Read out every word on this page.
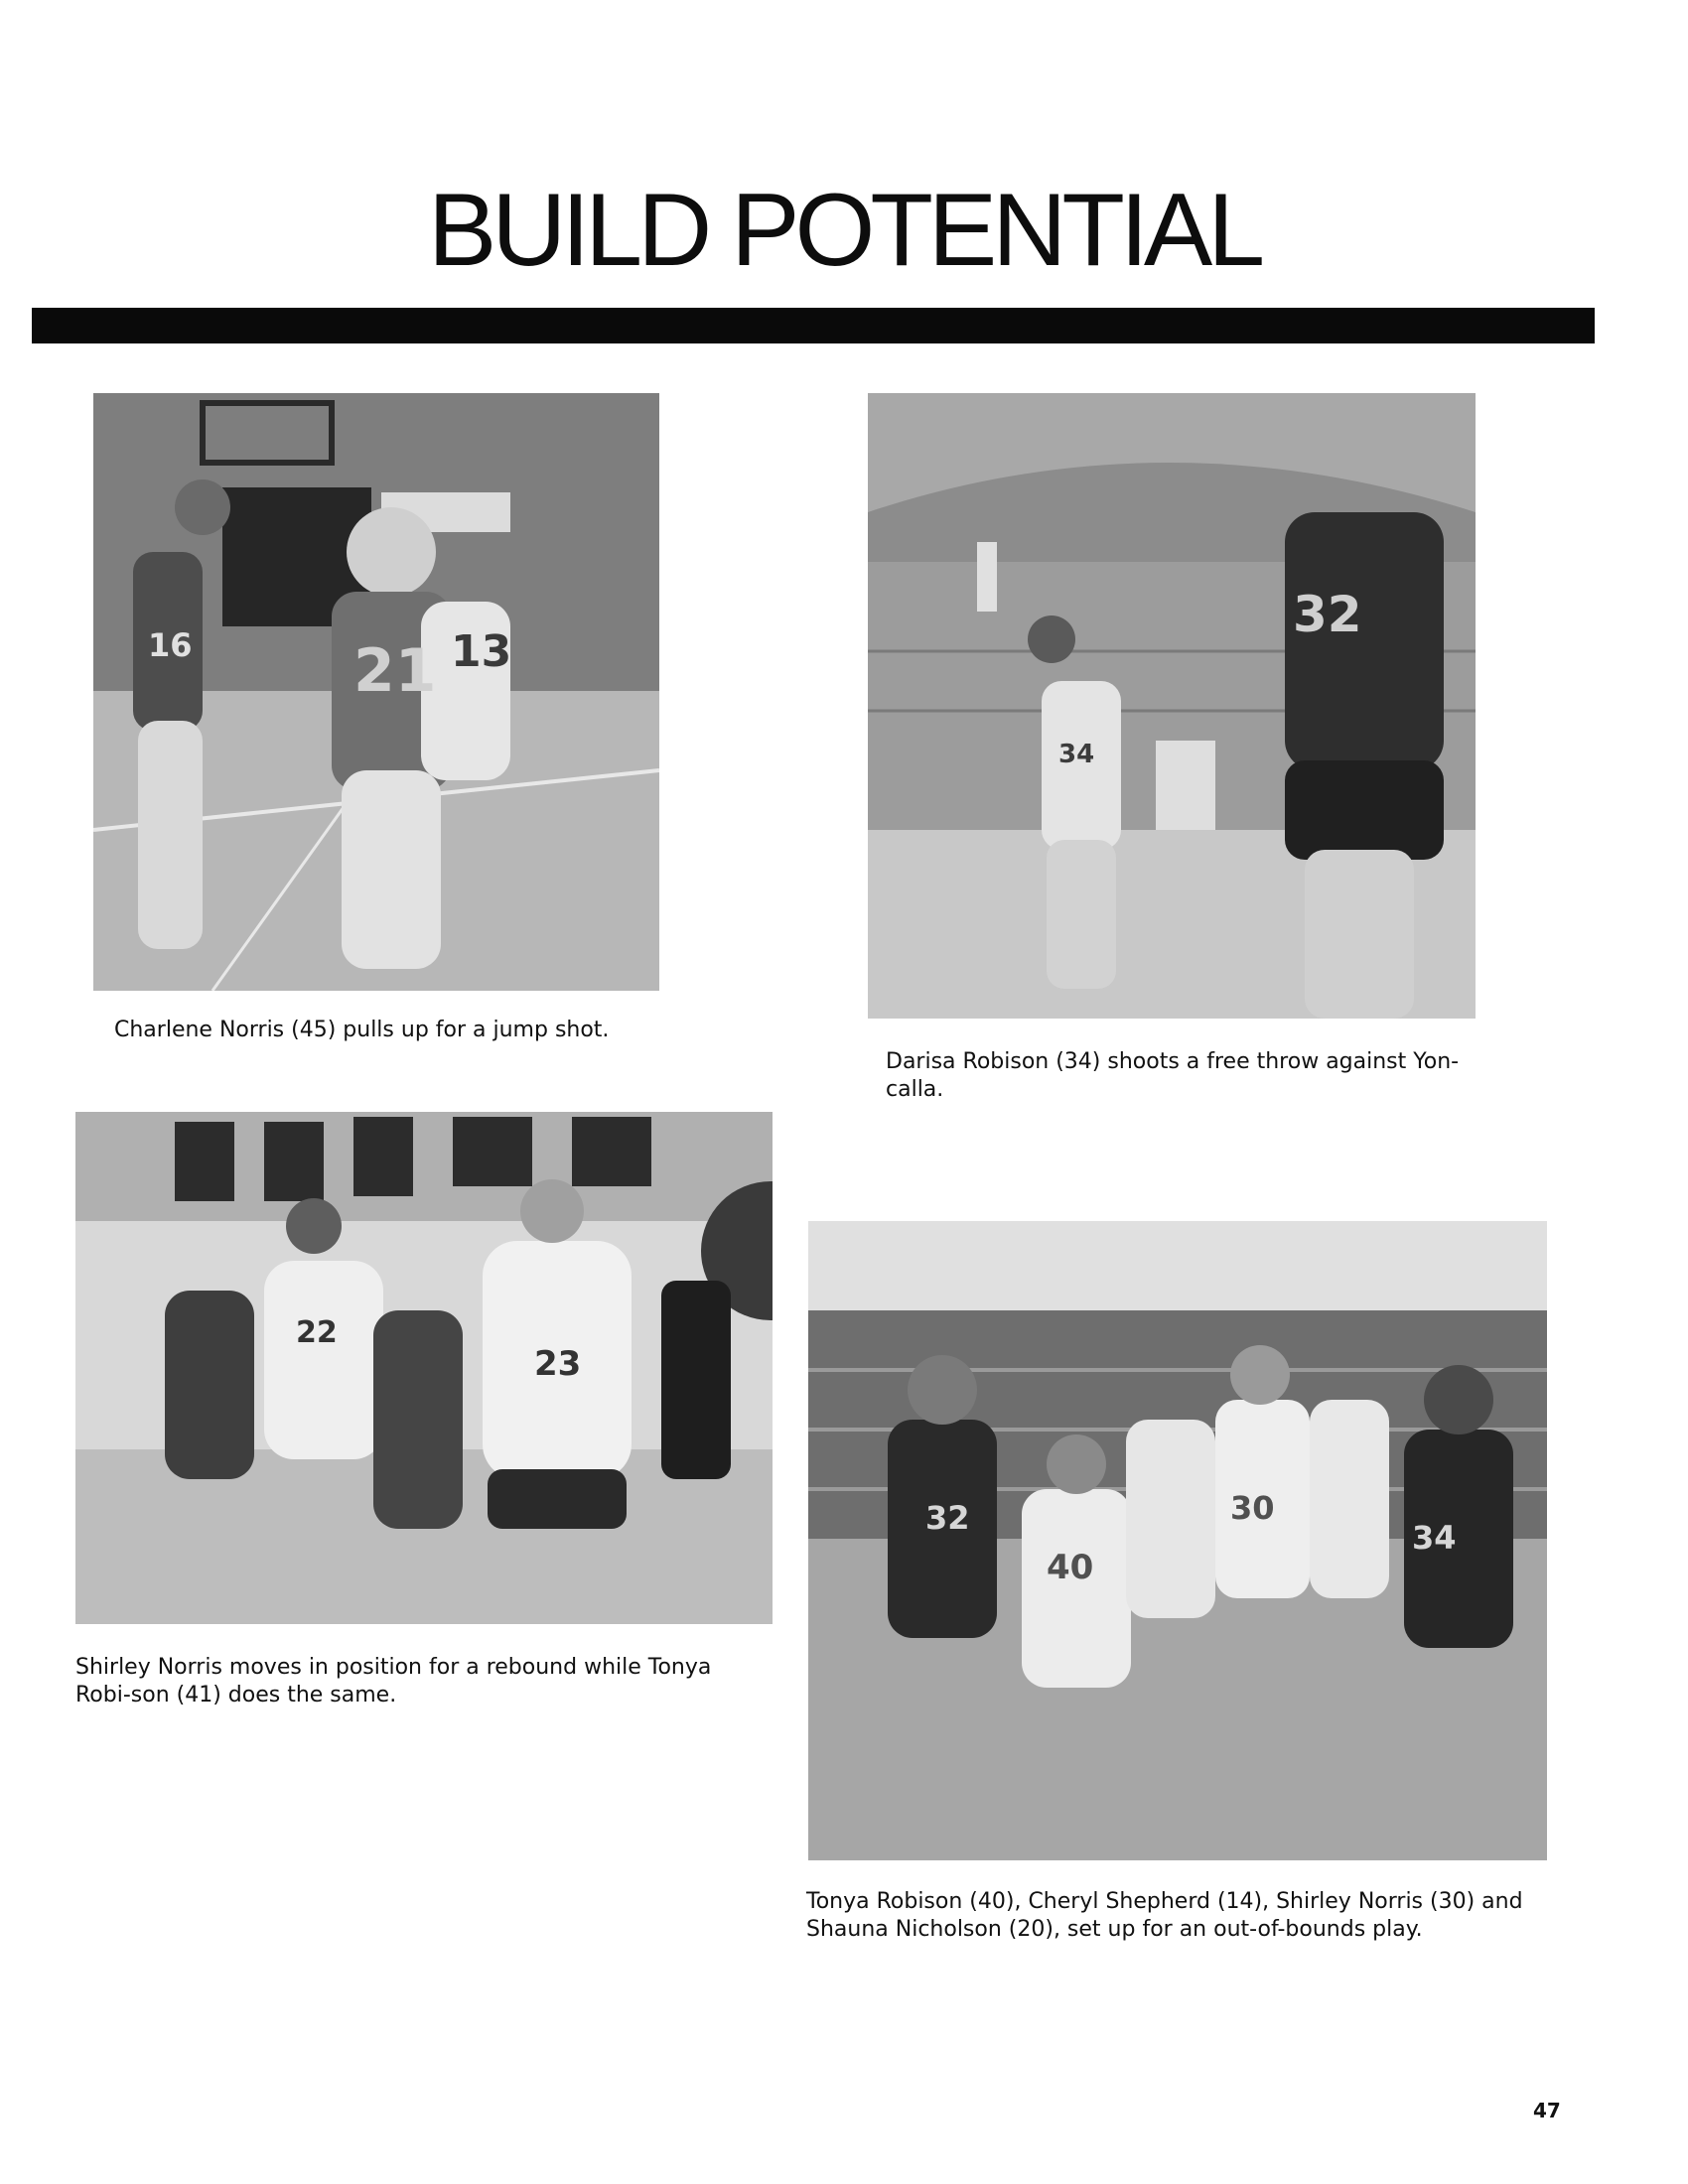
BUILD POTENTIAL
16	21 13

Charlene Norris (45) pulls up for a jump shot.

34
32

Darisa Robison (34) shoots a free throw against Yon-calla.

22
23

Shirley Norris moves in position for a rebound while Tonya Robi-son (41) does the same.

32
40
30
34

Tonya Robison (40), Cheryl Shepherd (14), Shirley Norris (30) and Shauna Nicholson (20), set up for an out-of-bounds play.

47
